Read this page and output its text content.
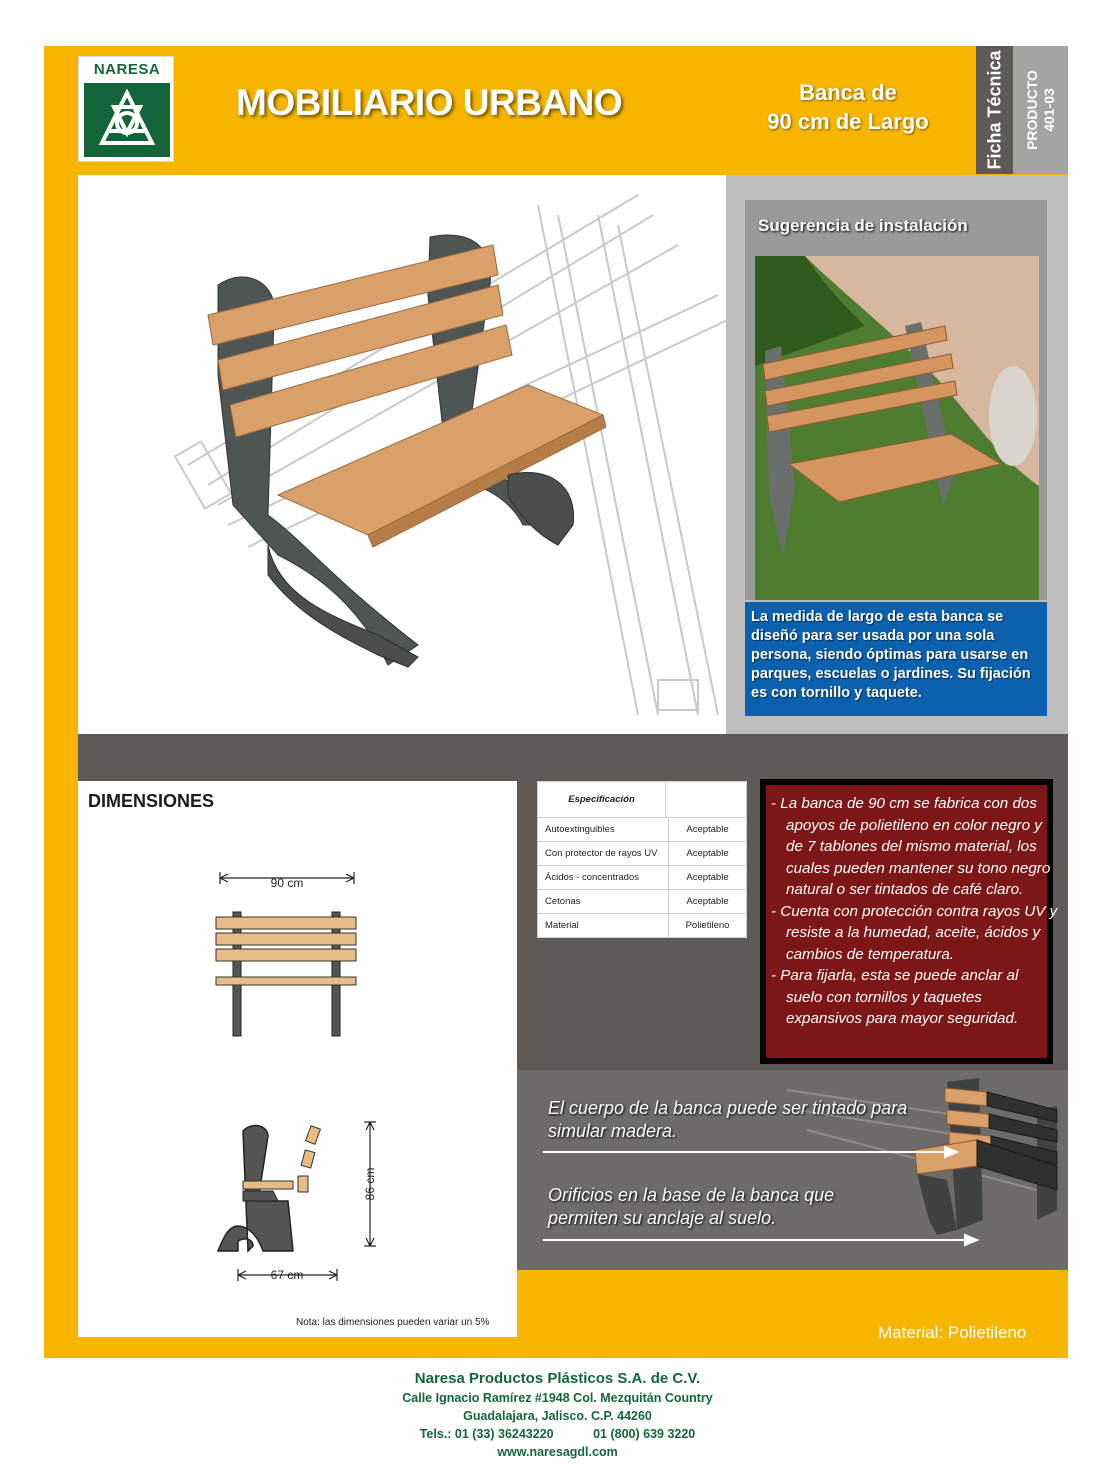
NARESA
MOBILIARIO URBANO	Banca de
90 cm de Largo	Ficha Técnica PRODUCTO 401-03
Sugerencia de instalación
La medida de largo de esta banca se diseñó para ser usada por una sola persona, siendo óptimas para usarse en parques, escuelas o jardines. Su fijación es con tornillo y taquete.
90 cm
86 cm
67 cm
DIMENSIONES
Nota: las dimensiones pueden variar un 5%
Especificación
Autoextinguibles	Aceptable
Con protector de rayos UV	Aceptable
Ácidos - concentrados	Aceptable
Cetonas	Aceptable
Material	Polietileno

- La banca de 90 cm se fabrica con dos apoyos de polietileno en color negro y de 7 tablones del mismo material, los cuales pueden mantener su tono negro natural o ser tintados de café claro.

- Cuenta con protección contra rayos UV y resiste a la humedad, aceite, ácidos y cambios de temperatura.

- Para fijarla, esta se puede anclar al suelo con tornillos y taquetes expansivos para mayor seguridad.

El cuerpo de la banca puede ser tintado para simular madera.
Orificios en la base de la banca que permiten su anclaje al suelo.
Material: Polietileno
Naresa Productos Plásticos S.A. de C.V.
Calle Ignacio Ramírez #1948 Col. Mezquitán Country
Guadalajara, Jalisco. C.P. 44260
Tels.: 01 (33) 36243220	01 (800) 639 3220
www.naresagdl.com
